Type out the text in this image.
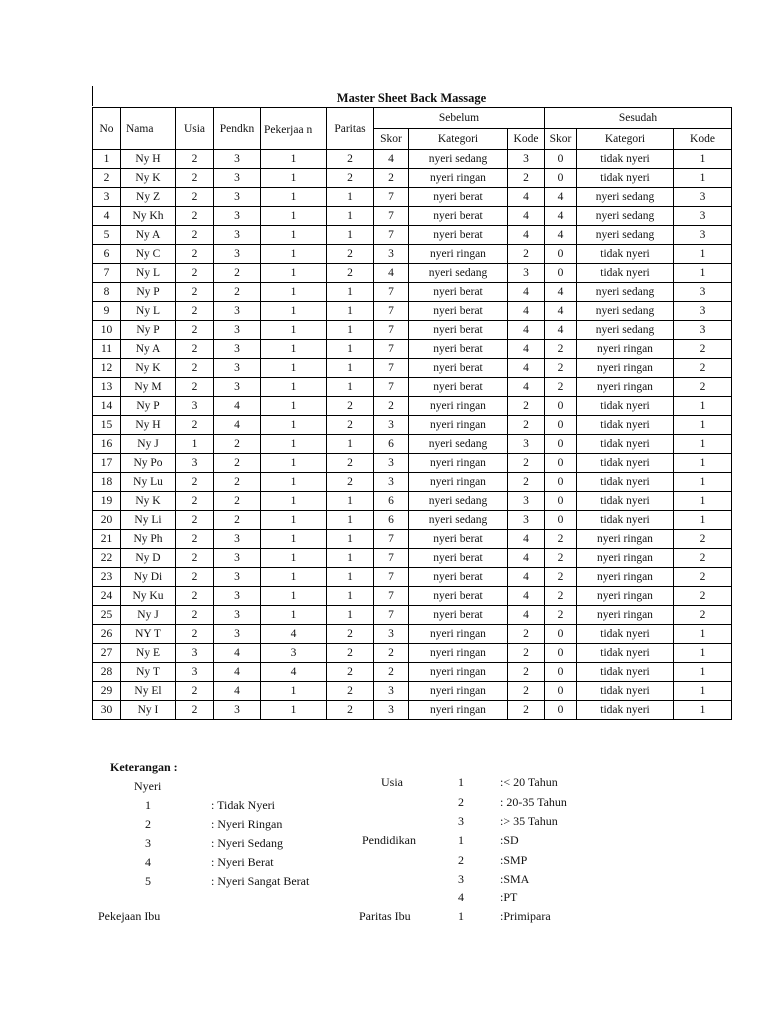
Master Sheet Back Massage
No	Nama	Usia	Pendkn	Pekerjaa n	Paritas	Sebelum			Sesudah		
						Skor	Kategori	Kode	Skor	Kategori	Kode
1	Ny H	2	3	1	2	4	nyeri sedang	3	0	tidak nyeri	1
2	Ny K	2	3	1	2	2	nyeri ringan	2	0	tidak nyeri	1
3	Ny Z	2	3	1	1	7	nyeri berat	4	4	nyeri sedang	3
4	Ny Kh	2	3	1	1	7	nyeri berat	4	4	nyeri sedang	3
5	Ny A	2	3	1	1	7	nyeri berat	4	4	nyeri sedang	3
6	Ny C	2	3	1	2	3	nyeri ringan	2	0	tidak nyeri	1
7	Ny L	2	2	1	2	4	nyeri sedang	3	0	tidak nyeri	1
8	Ny P	2	2	1	1	7	nyeri berat	4	4	nyeri sedang	3
9	Ny L	2	3	1	1	7	nyeri berat	4	4	nyeri sedang	3
10	Ny P	2	3	1	1	7	nyeri berat	4	4	nyeri sedang	3
11	Ny A	2	3	1	1	7	nyeri berat	4	2	nyeri ringan	2
12	Ny K	2	3	1	1	7	nyeri berat	4	2	nyeri ringan	2
13	Ny M	2	3	1	1	7	nyeri berat	4	2	nyeri ringan	2
14	Ny P	3	4	1	2	2	nyeri ringan	2	0	tidak nyeri	1
15	Ny H	2	4	1	2	3	nyeri ringan	2	0	tidak nyeri	1
16	Ny J	1	2	1	1	6	nyeri sedang	3	0	tidak nyeri	1
17	Ny Po	3	2	1	2	3	nyeri ringan	2	0	tidak nyeri	1
18	Ny Lu	2	2	1	2	3	nyeri ringan	2	0	tidak nyeri	1
19	Ny K	2	2	1	1	6	nyeri sedang	3	0	tidak nyeri	1
20	Ny Li	2	2	1	1	6	nyeri sedang	3	0	tidak nyeri	1
21	Ny Ph	2	3	1	1	7	nyeri berat	4	2	nyeri ringan	2
22	Ny D	2	3	1	1	7	nyeri berat	4	2	nyeri ringan	2
23	Ny Di	2	3	1	1	7	nyeri berat	4	2	nyeri ringan	2
24	Ny Ku	2	3	1	1	7	nyeri berat	4	2	nyeri ringan	2
25	Ny J	2	3	1	1	7	nyeri berat	4	2	nyeri ringan	2
26	NY T	2	3	4	2	3	nyeri ringan	2	0	tidak nyeri	1
27	Ny E	3	4	3	2	2	nyeri ringan	2	0	tidak nyeri	1
28	Ny T	3	4	4	2	2	nyeri ringan	2	0	tidak nyeri	1
29	Ny El	2	4	1	2	3	nyeri ringan	2	0	tidak nyeri	1
30	Ny I	2	3	1	2	3	nyeri ringan	2	0	tidak nyeri	1
Keterangan :
Nyeri
1	: Tidak Nyeri
2	: Nyeri Ringan
3	: Nyeri Sedang
4	: Nyeri Berat
5	: Nyeri Sangat Berat
Usia	1	:< 20 Tahun
2	: 20-35 Tahun
3	:> 35 Tahun
Pendidikan	1	:SD
2	:SMP
3	:SMA
4	:PT
Pekejaan Ibu	Paritas Ibu	1	:Primipara
